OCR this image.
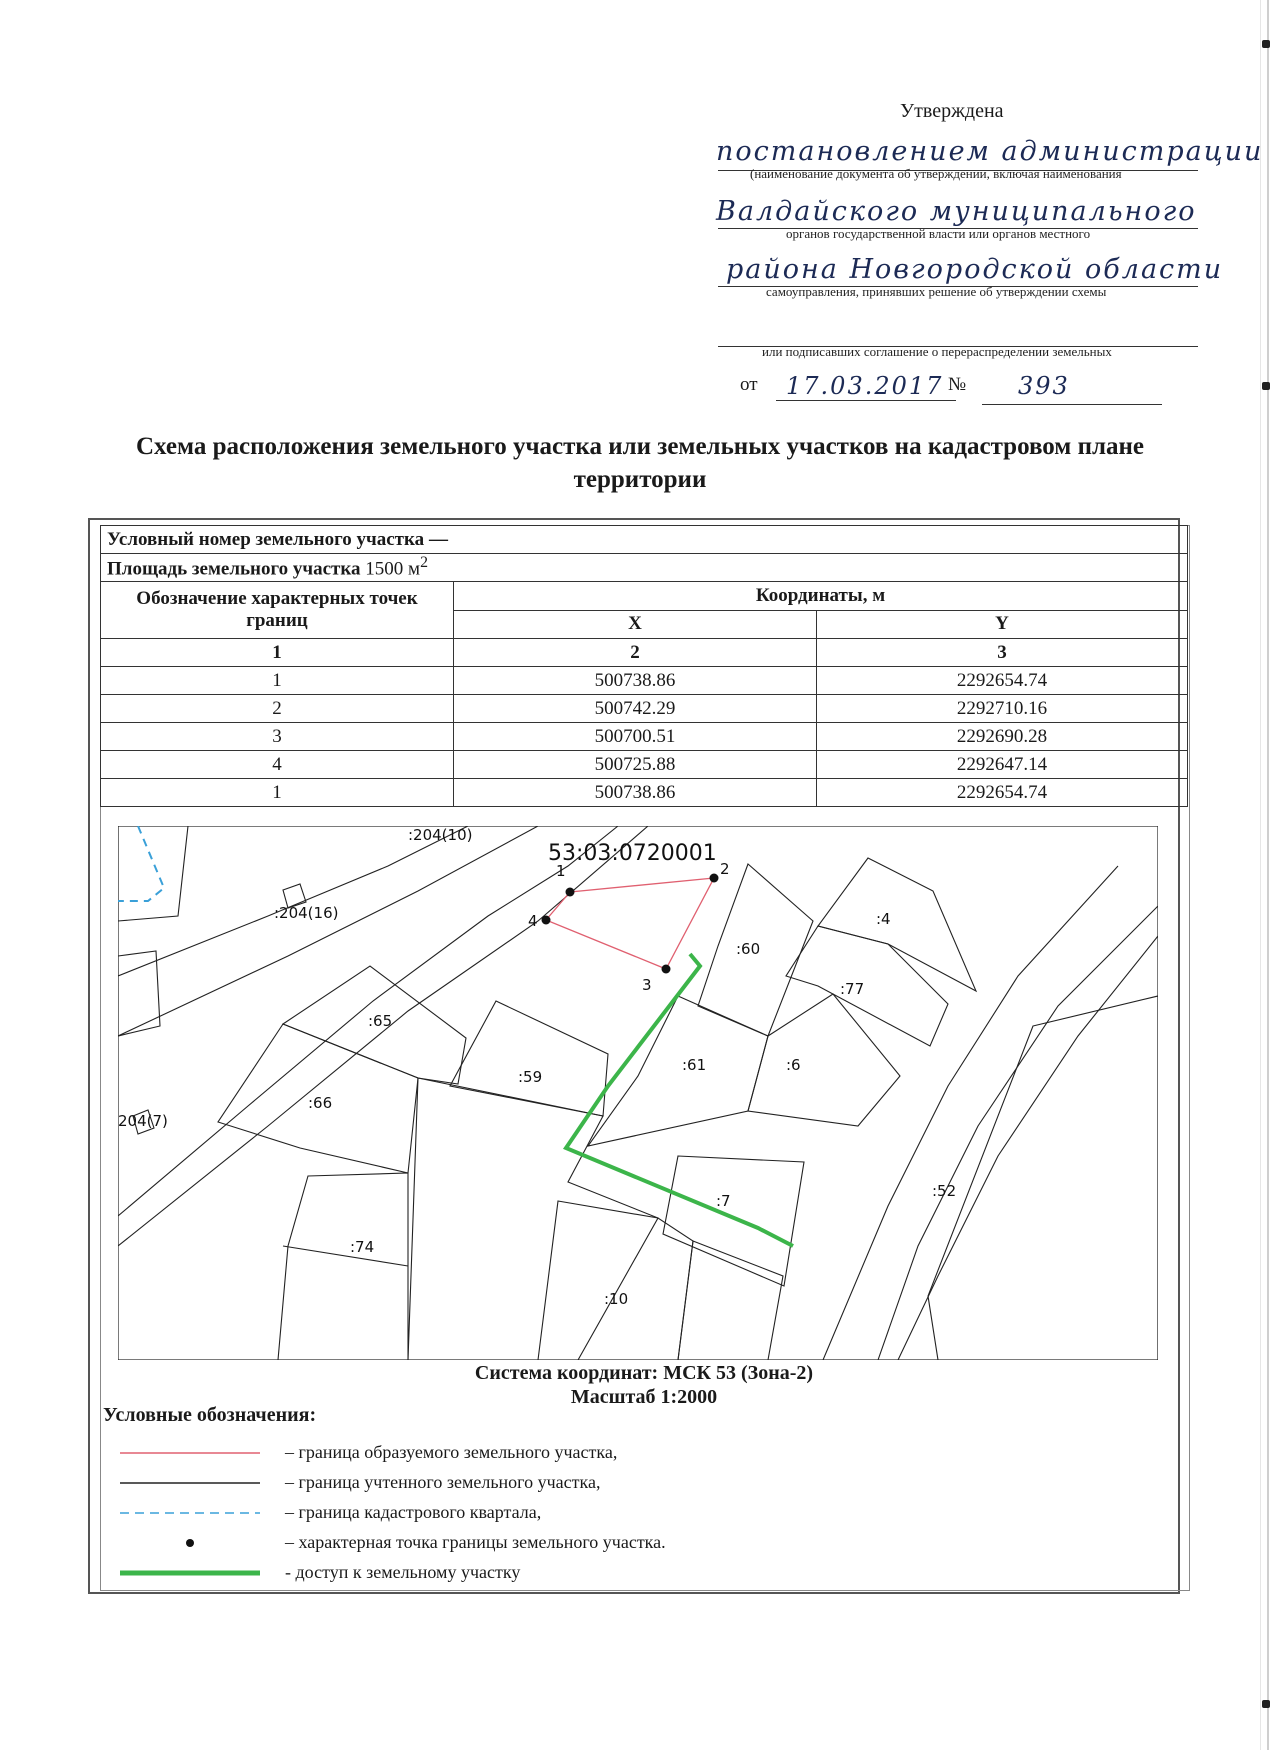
Утверждена
постановлением администрации
(наименование документа об утверждении, включая наименования
Валдайского муниципального
органов государственной власти или органов местного
района Новгородской области
самоуправления, принявших решение об утверждении схемы
или подписавших соглашение о перераспределении земельных
от 17.03.2017 № 393
Схема расположения земельного участка или земельных участков на кадастровом плане территории
Условный номер земельного участка —		
Площадь земельного участка 1500 $м^2$
Обозначение характерных точек границ	Координаты, м	
	X	Y
1	2	3
1	500738.86	2292654.74
2	500742.29	2292710.16
3	500700.51	2292690.28
4	500725.88	2292647.14
1	500738.86	2292654.74
1	2
3
4
53:03:0720001
:204(10)
:204(16)
204(7)
:65
:66
:74
:59
:60
:61	:6
:4
:77
:7
:10
:52
Система координат: МСК 53 (Зона-2)
Масштаб 1:2000
Условные обозначения:
– граница образуемого земельного участка,
– граница учтенного земельного участка,
– граница кадастрового квартала,
– характерная точка границы земельного участка.
- доступ к земельному участку
